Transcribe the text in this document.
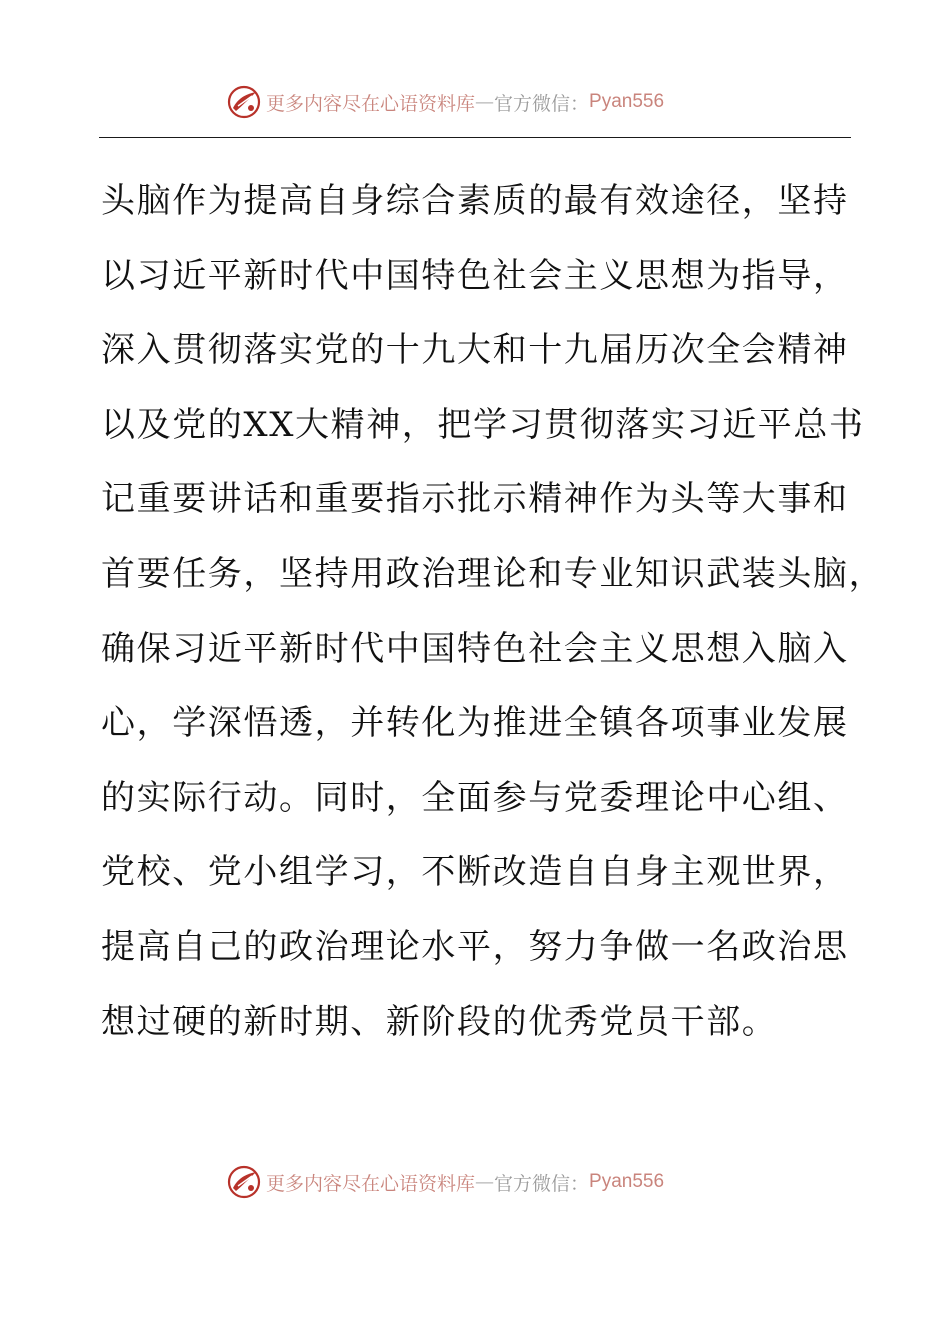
更多内容尽在心语资料库 — 官方微信： Pyan556
头脑作为提高自身综合素质的最有效途径，坚持
以习近平新时代中国特色社会主义思想为指导，
深入贯彻落实党的十九大和十九届历次全会精神
以及党的XX大精神，把学习贯彻落实习近平总书
记重要讲话和重要指示批示精神作为头等大事和
首要任务，坚持用政治理论和专业知识武装头脑，
确保习近平新时代中国特色社会主义思想入脑入
心，学深悟透，并转化为推进全镇各项事业发展
的实际行动。同时，全面参与党委理论中心组、
党校、党小组学习，不断改造自自身主观世界，
提高自己的政治理论水平，努力争做一名政治思
想过硬的新时期、新阶段的优秀党员干部。
更多内容尽在心语资料库 — 官方微信： Pyan556
